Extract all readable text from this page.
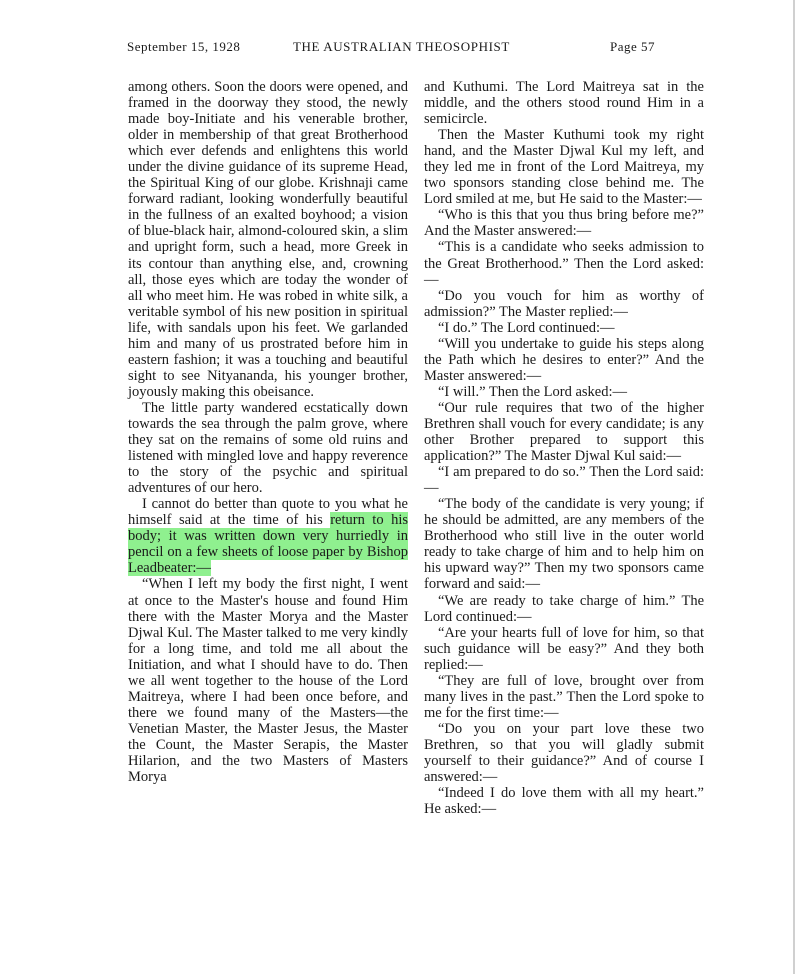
September 15, 1928	THE AUSTRALIAN THEOSOPHIST	Page 57

among others. Soon the doors were opened, and framed in the doorway they stood, the newly made boy-Initiate and his venerable brother, older in membership of that great Brotherhood which ever defends and enlightens this world under the divine guidance of its supreme Head, the Spiritual King of our globe. Krishnaji came forward radiant, looking wonderfully beautiful in the fullness of an exalted boyhood; a vision of blue-black hair, almond-coloured skin, a slim and upright form, such a head, more Greek in its contour than anything else, and, crowning all, those eyes which are today the wonder of all who meet him. He was robed in white silk, a veritable symbol of his new position in spiritual life, with sandals upon his feet. We garlanded him and many of us prostrated before him in eastern fashion; it was a touching and beautiful sight to see Nityananda, his younger brother, joyously making this obeisance.

The little party wandered ecstatically down towards the sea through the palm grove, where they sat on the remains of some old ruins and listened with mingled love and happy reverence to the story of the psychic and spiritual adventures of our hero.

I cannot do better than quote to you what he himself said at the time of his return to his body; it was written down very hurriedly in pencil on a few sheets of loose paper by Bishop Leadbeater:—

“When I left my body the first night, I went at once to the Master's house and found Him there with the Master Morya and the Master Djwal Kul. The Master talked to me very kindly for a long time, and told me all about the Initiation, and what I should have to do. Then we all went together to the house of the Lord Maitreya, where I had been once before, and there we found many of the Masters—the Venetian Master, the Master Jesus, the Master the Count, the Master Serapis, the Master Hilarion, and the two Masters of Masters Morya

and Kuthumi. The Lord Maitreya sat in the middle, and the others stood round Him in a semicircle.

Then the Master Kuthumi took my right hand, and the Master Djwal Kul my left, and they led me in front of the Lord Maitreya, my two sponsors standing close behind me. The Lord smiled at me, but He said to the Master:—

“Who is this that you thus bring before me?” And the Master answered:—

“This is a candidate who seeks admission to the Great Brotherhood.” Then the Lord asked:—

“Do you vouch for him as worthy of admission?” The Master replied:—

“I do.” The Lord continued:—

“Will you undertake to guide his steps along the Path which he desires to enter?” And the Master answered:—

“I will.” Then the Lord asked:—

“Our rule requires that two of the higher Brethren shall vouch for every candidate; is any other Brother prepared to support this application?” The Master Djwal Kul said:—

“I am prepared to do so.” Then the Lord said:—

“The body of the candidate is very young; if he should be admitted, are any members of the Brotherhood who still live in the outer world ready to take charge of him and to help him on his upward way?” Then my two sponsors came forward and said:—

“We are ready to take charge of him.” The Lord continued:—

“Are your hearts full of love for him, so that such guidance will be easy?” And they both replied:—

“They are full of love, brought over from many lives in the past.” Then the Lord spoke to me for the first time:—

“Do you on your part love these two Brethren, so that you will gladly submit yourself to their guidance?” And of course I answered:—

“Indeed I do love them with all my heart.” He asked:—
